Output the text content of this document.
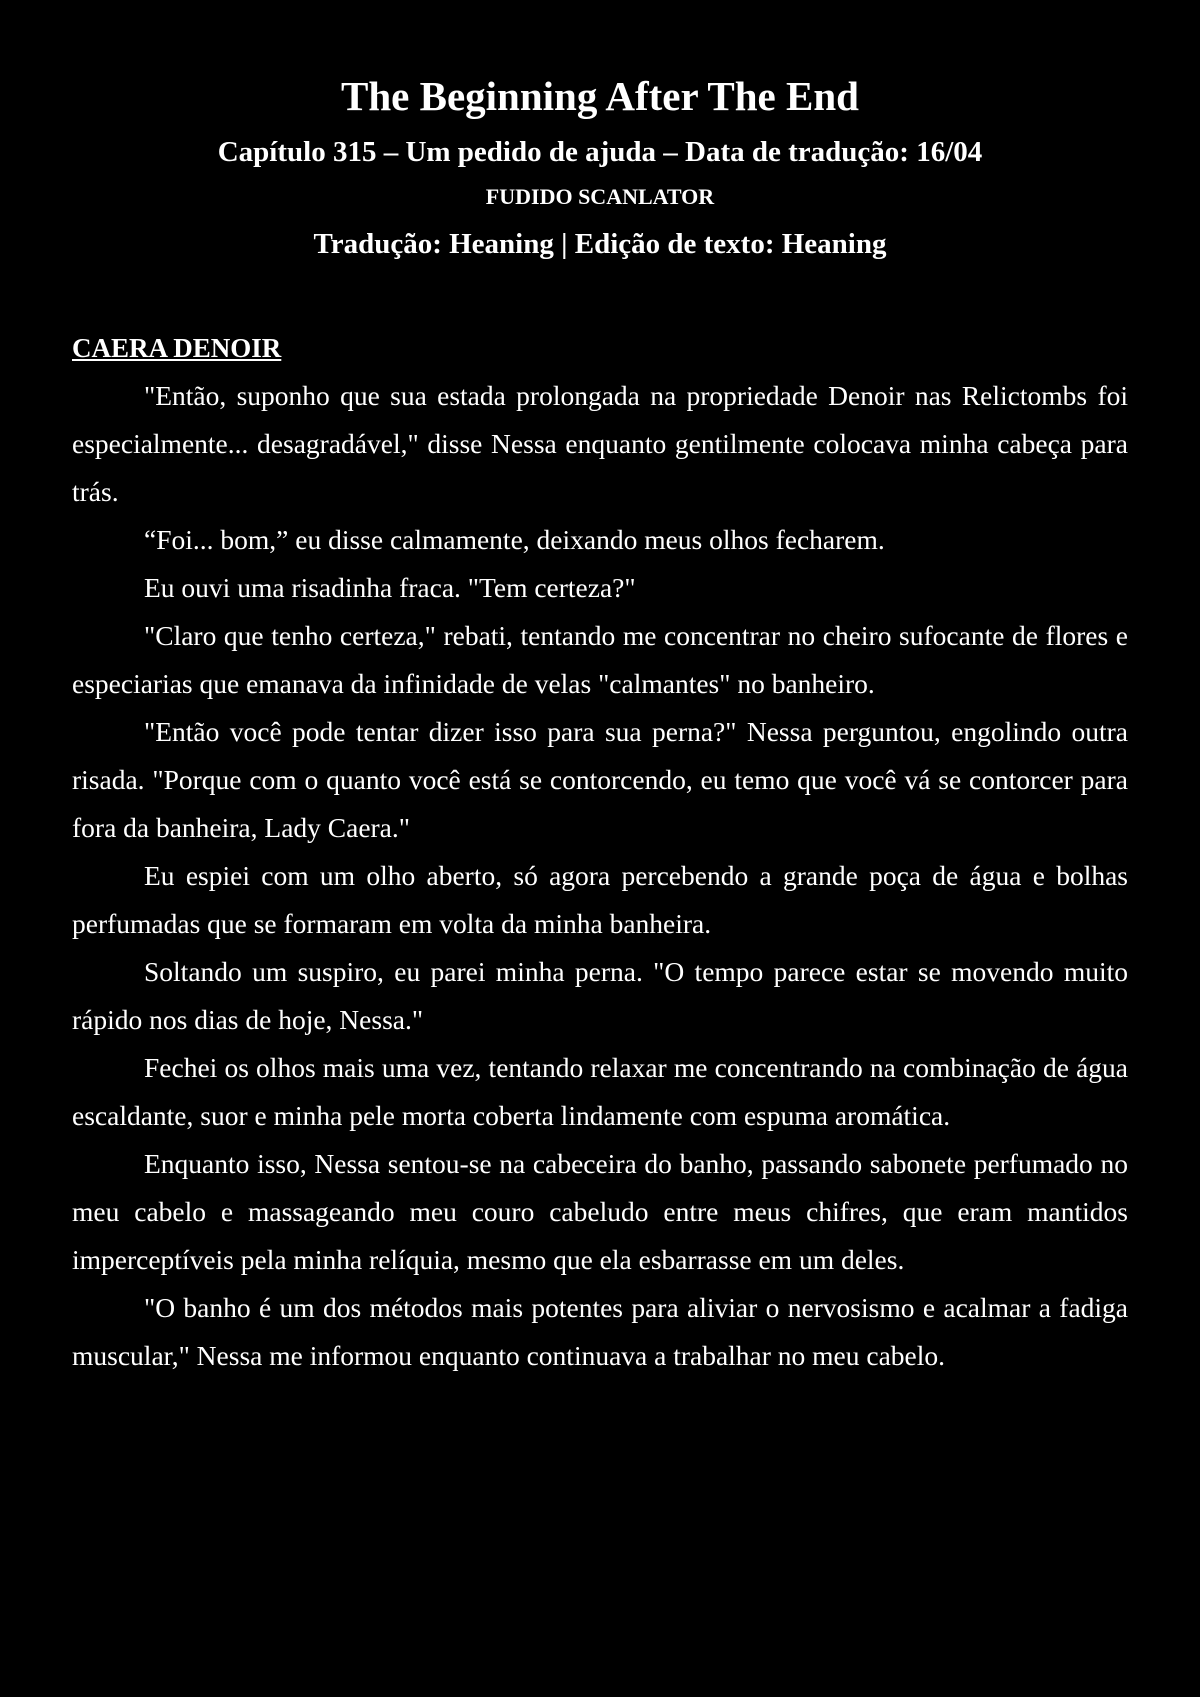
The Beginning After The End

Capítulo 315 – Um pedido de ajuda – Data de tradução: 16/04

FUDIDO SCANLATOR

Tradução: Heaning | Edição de texto: Heaning

CAERA DENOIR

"Então, suponho que sua estada prolongada na propriedade Denoir nas Relictombs foi especialmente... desagradável," disse Nessa enquanto gentilmente colocava minha cabeça para trás.

“Foi... bom,” eu disse calmamente, deixando meus olhos fecharem.

Eu ouvi uma risadinha fraca. "Tem certeza?"

"Claro que tenho certeza," rebati, tentando me concentrar no cheiro sufocante de flores e especiarias que emanava da infinidade de velas "calmantes" no banheiro.

"Então você pode tentar dizer isso para sua perna?" Nessa perguntou, engolindo outra risada. "Porque com o quanto você está se contorcendo, eu temo que você vá se contorcer para fora da banheira, Lady Caera."

Eu espiei com um olho aberto, só agora percebendo a grande poça de água e bolhas perfumadas que se formaram em volta da minha banheira.

Soltando um suspiro, eu parei minha perna. "O tempo parece estar se movendo muito rápido nos dias de hoje, Nessa."

Fechei os olhos mais uma vez, tentando relaxar me concentrando na combinação de água escaldante, suor e minha pele morta coberta lindamente com espuma aromática.

Enquanto isso, Nessa sentou-se na cabeceira do banho, passando sabonete perfumado no meu cabelo e massageando meu couro cabeludo entre meus chifres, que eram mantidos imperceptíveis pela minha relíquia, mesmo que ela esbarrasse em um deles.

"O banho é um dos métodos mais potentes para aliviar o nervosismo e acalmar a fadiga muscular," Nessa me informou enquanto continuava a trabalhar no meu cabelo.
